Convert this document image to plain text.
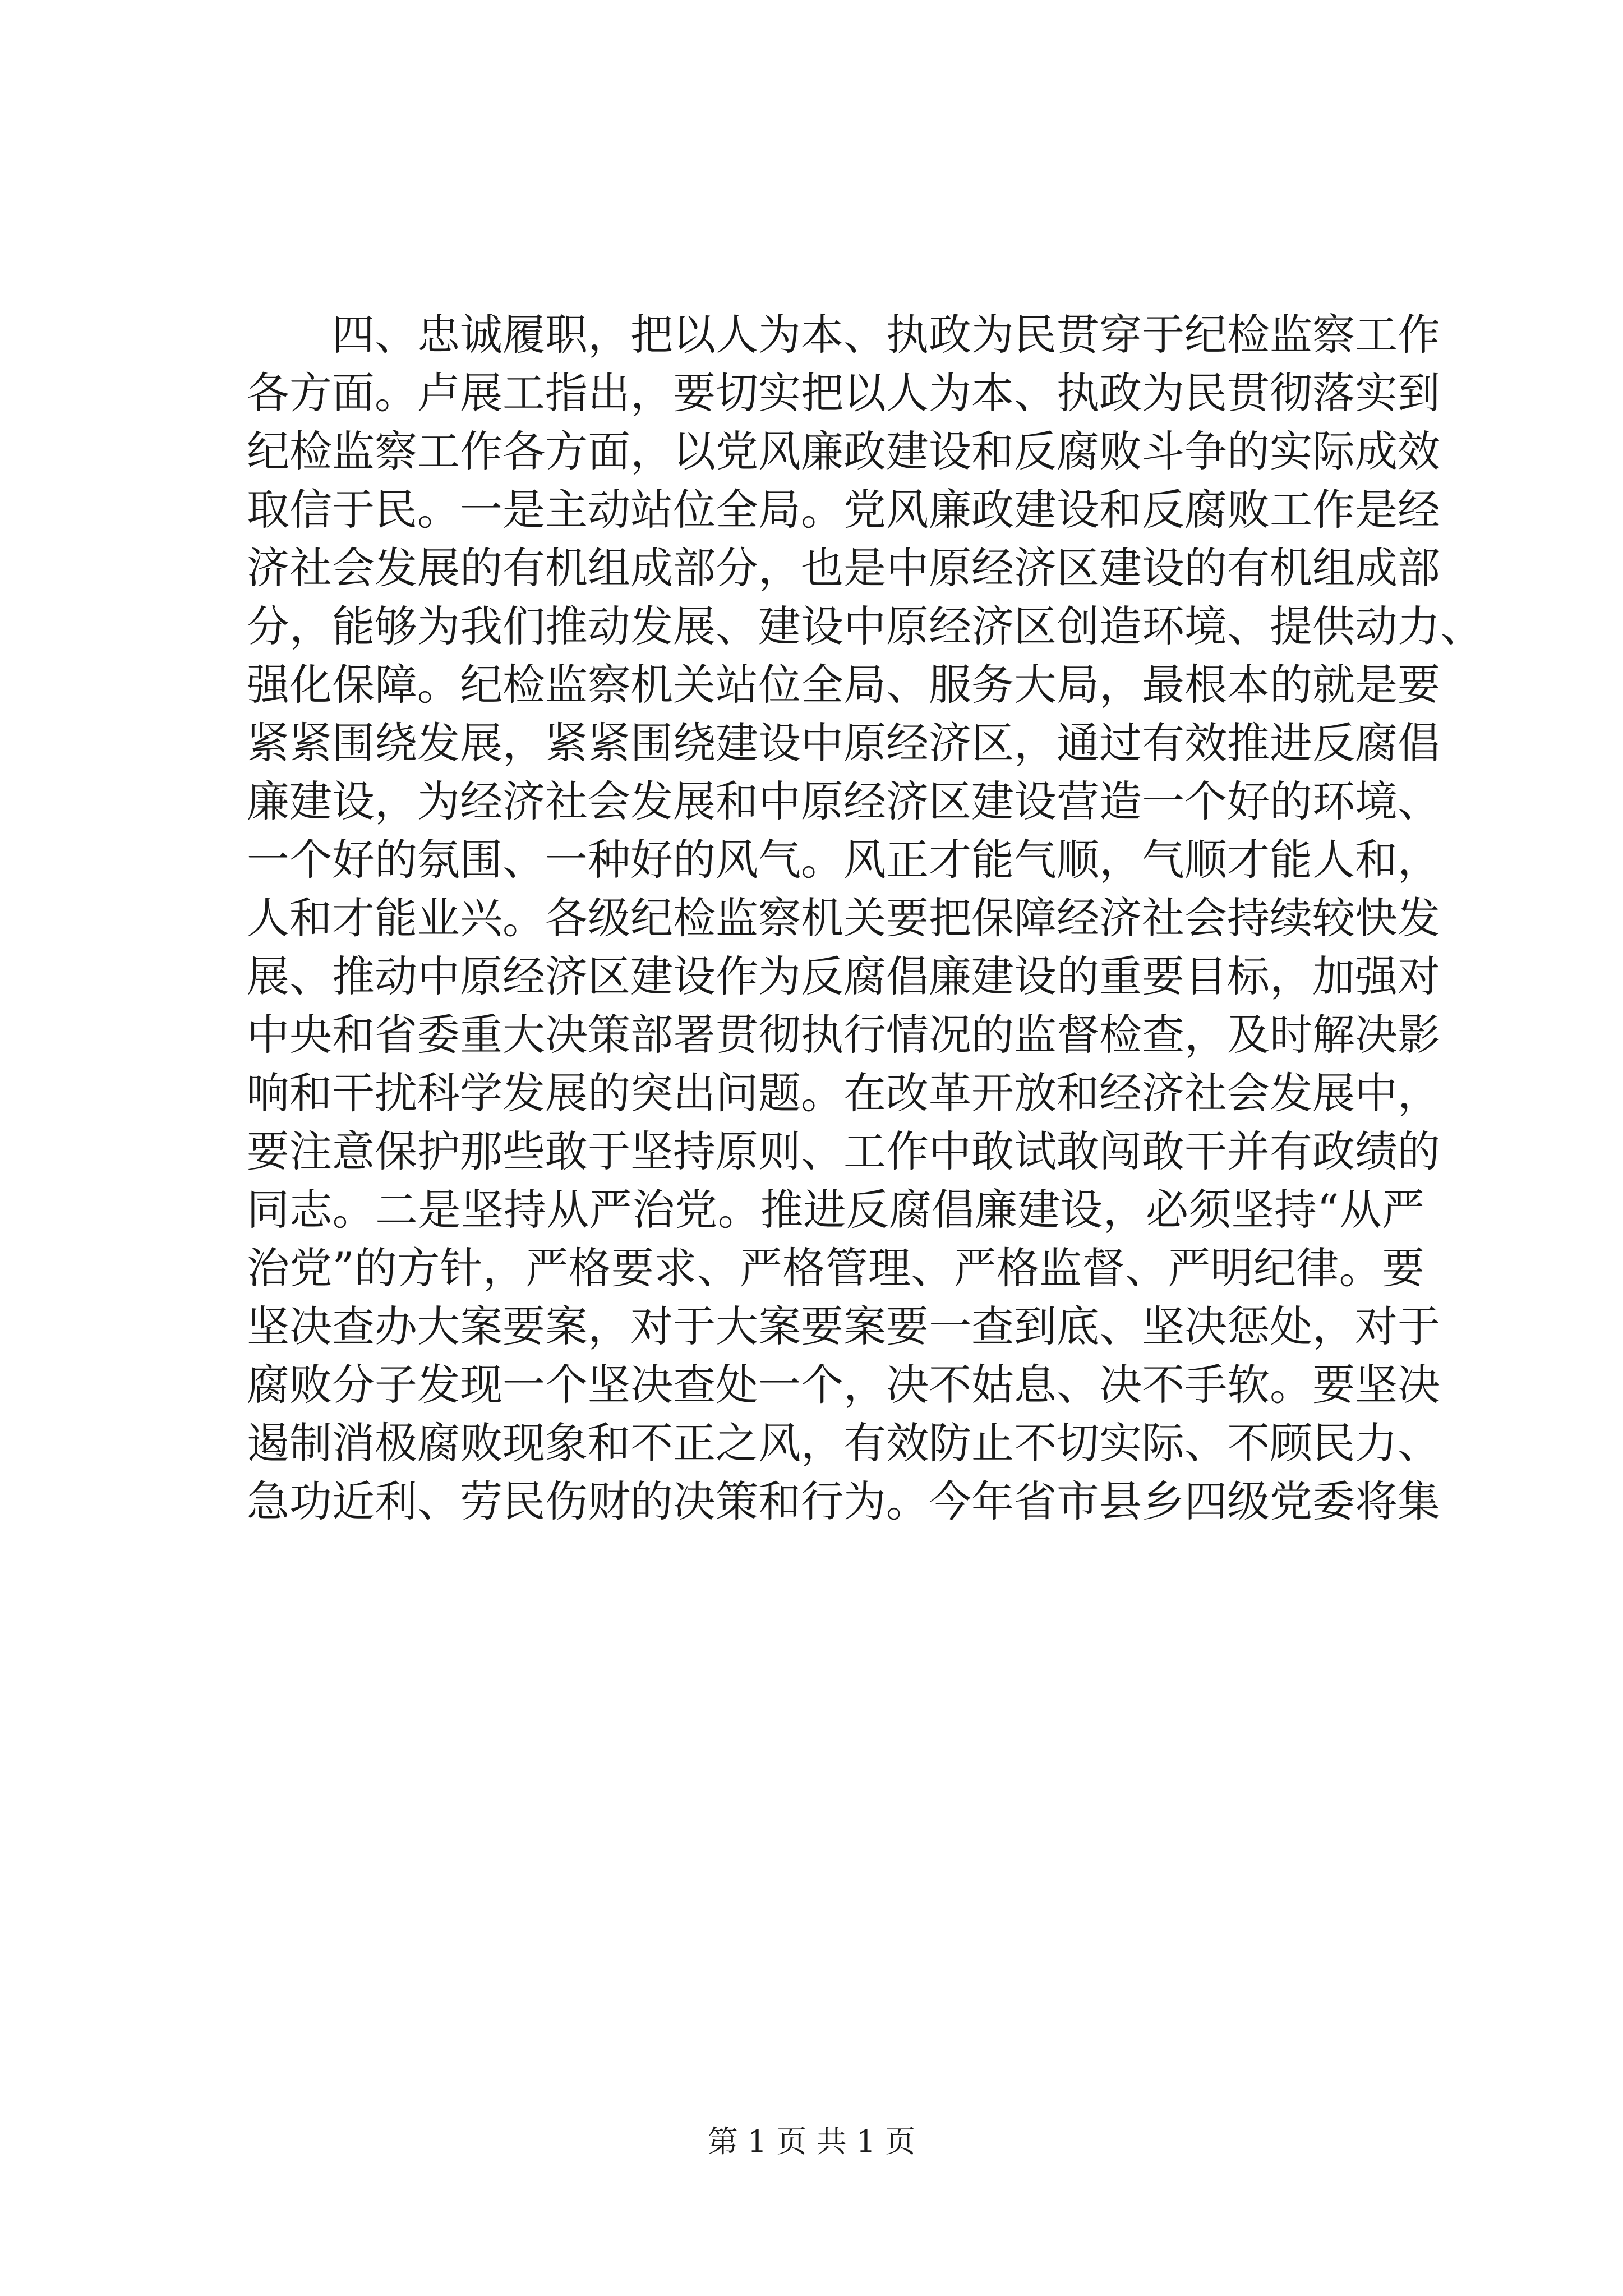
　　四、忠诚履职，把以人为本、执政为民贯穿于纪检监察工作
各方面。卢展工指出，要切实把以人为本、执政为民贯彻落实到
纪检监察工作各方面，以党风廉政建设和反腐败斗争的实际成效
取信于民。一是主动站位全局。党风廉政建设和反腐败工作是经
济社会发展的有机组成部分，也是中原经济区建设的有机组成部
分，能够为我们推动发展、建设中原经济区创造环境、提供动力、
强化保障。纪检监察机关站位全局、服务大局，最根本的就是要
紧紧围绕发展，紧紧围绕建设中原经济区，通过有效推进反腐倡
廉建设，为经济社会发展和中原经济区建设营造一个好的环境、
一个好的氛围、一种好的风气。风正才能气顺，气顺才能人和，
人和才能业兴。各级纪检监察机关要把保障经济社会持续较快发
展、推动中原经济区建设作为反腐倡廉建设的重要目标，加强对
中央和省委重大决策部署贯彻执行情况的监督检查，及时解决影
响和干扰科学发展的突出问题。在改革开放和经济社会发展中，
要注意保护那些敢于坚持原则、工作中敢试敢闯敢干并有政绩的
同志。二是坚持从严治党。推进反腐倡廉建设，必须坚持“从严
治党”的方针，严格要求、严格管理、严格监督、严明纪律。要
坚决查办大案要案，对于大案要案要一查到底、坚决惩处，对于
腐败分子发现一个坚决查处一个，决不姑息、决不手软。要坚决
遏制消极腐败现象和不正之风，有效防止不切实际、不顾民力、
急功近利、劳民伤财的决策和行为。今年省市县乡四级党委将集
第 1 页 共 1 页
